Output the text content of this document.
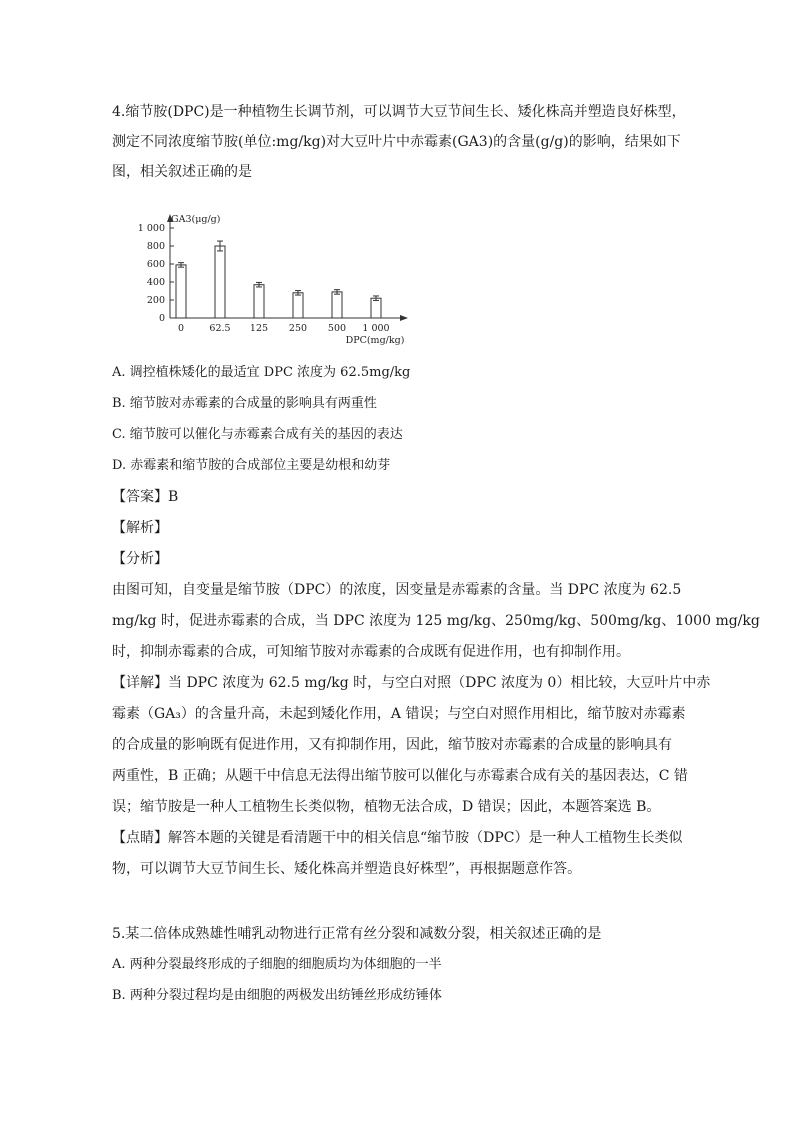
4.缩节胺(DPC)是一种植物生长调节剂，可以调节大豆节间生长、矮化株高并塑造良好株型，
测定不同浓度缩节胺(单位:mg/kg)对大豆叶片中赤霉素(GA3)的含量(g/g)的影响，结果如下
图，相关叙述正确的是
0
200
400
600
800
1 000
GA3(μg/g)
0	62.5 125 250 500 1 000
DPC(mg/kg)
A. 调控植株矮化的最适宜 DPC 浓度为 62.5mg/kg
B. 缩节胺对赤霉素的合成量的影响具有两重性
C. 缩节胺可以催化与赤霉素合成有关的基因的表达
D. 赤霉素和缩节胺的合成部位主要是幼根和幼芽
【答案】B
【解析】
【分析】
由图可知，自变量是缩节胺（DPC）的浓度，因变量是赤霉素的含量。当 DPC 浓度为 62.5
mg/kg 时，促进赤霉素的合成，当 DPC 浓度为 125 mg/kg、250mg/kg、500mg/kg、1000 mg/kg
时，抑制赤霉素的合成，可知缩节胺对赤霉素的合成既有促进作用，也有抑制作用。
【详解】当 DPC 浓度为 62.5 mg/kg 时，与空白对照（DPC 浓度为 0）相比较，大豆叶片中赤
霉素（GA₃）的含量升高，未起到矮化作用，A 错误；与空白对照作用相比，缩节胺对赤霉素
的合成量的影响既有促进作用，又有抑制作用，因此，缩节胺对赤霉素的合成量的影响具有
两重性，B 正确；从题干中信息无法得出缩节胺可以催化与赤霉素合成有关的基因表达，C 错
误；缩节胺是一种人工植物生长类似物，植物无法合成，D 错误；因此，本题答案选 B。
【点睛】解答本题的关键是看清题干中的相关信息“缩节胺（DPC）是一种人工植物生长类似
物，可以调节大豆节间生长、矮化株高并塑造良好株型”，再根据题意作答。
5.某二倍体成熟雄性哺乳动物进行正常有丝分裂和减数分裂，相关叙述正确的是
A. 两种分裂最终形成的子细胞的细胞质均为体细胞的一半
B. 两种分裂过程均是由细胞的两极发出纺锤丝形成纺锤体
